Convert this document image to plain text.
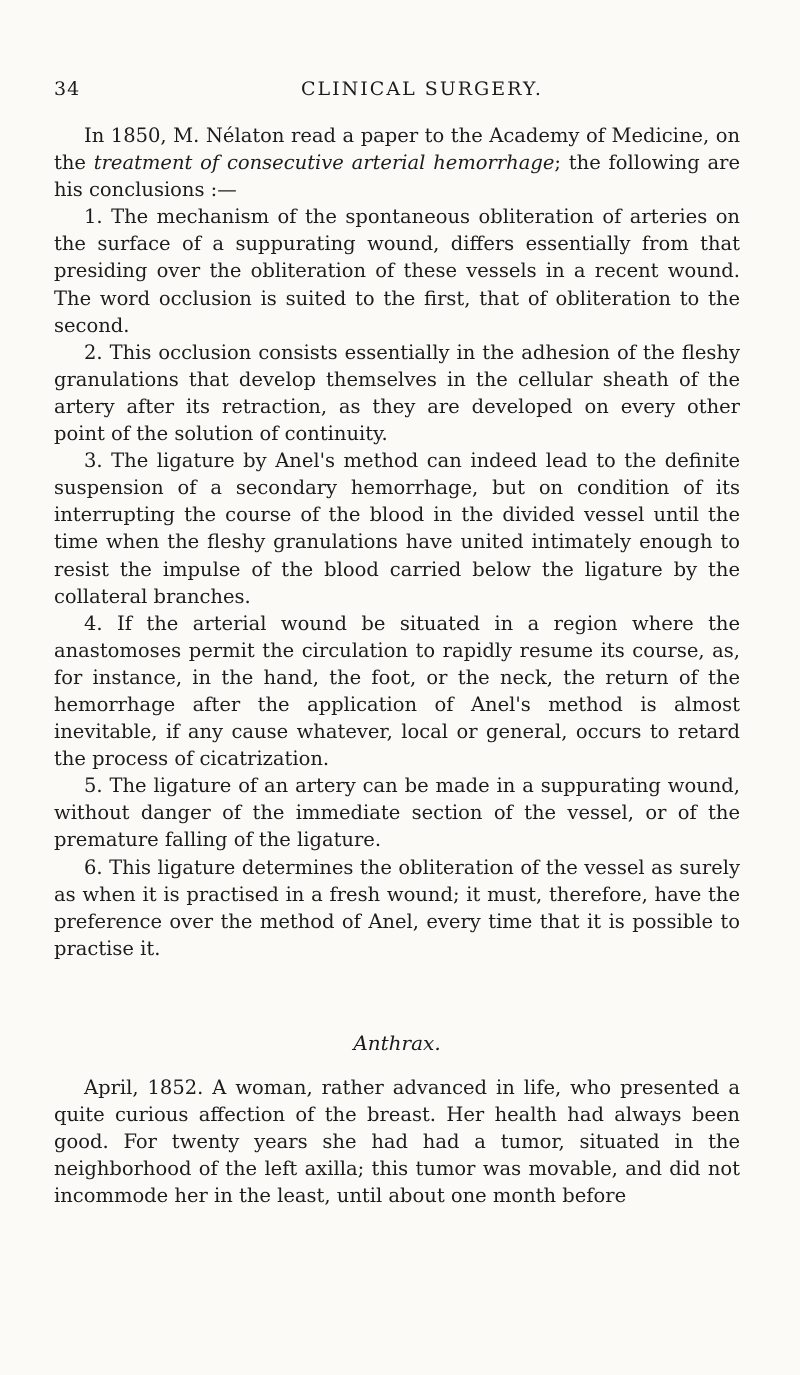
34	CLINICAL SURGERY.

In 1850, M. Nélaton read a paper to the Academy of Medicine, on the treatment of consecutive arterial hemorrhage; the following are his conclusions :—

1. The mechanism of the spontaneous obliteration of arteries on the surface of a suppurating wound, differs essentially from that presiding over the obliteration of these vessels in a recent wound. The word occlusion is suited to the first, that of obliteration to the second.

2. This occlusion consists essentially in the adhesion of the fleshy granulations that develop themselves in the cellular sheath of the artery after its retraction, as they are developed on every other point of the solution of continuity.

3. The ligature by Anel's method can indeed lead to the definite suspension of a secondary hemorrhage, but on condition of its interrupting the course of the blood in the divided vessel until the time when the fleshy granulations have united intimately enough to resist the impulse of the blood carried below the ligature by the collateral branches.

4. If the arterial wound be situated in a region where the anastomoses permit the circulation to rapidly resume its course, as, for instance, in the hand, the foot, or the neck, the return of the hemorrhage after the application of Anel's method is almost inevitable, if any cause whatever, local or general, occurs to retard the process of cicatrization.

5. The ligature of an artery can be made in a suppurating wound, without danger of the immediate section of the vessel, or of the premature falling of the ligature.

6. This ligature determines the obliteration of the vessel as surely as when it is practised in a fresh wound; it must, therefore, have the preference over the method of Anel, every time that it is possible to practise it.

Anthrax.

April, 1852. A woman, rather advanced in life, who presented a quite curious affection of the breast. Her health had always been good. For twenty years she had had a tumor, situated in the neighborhood of the left axilla; this tumor was movable, and did not incommode her in the least, until about one month before
